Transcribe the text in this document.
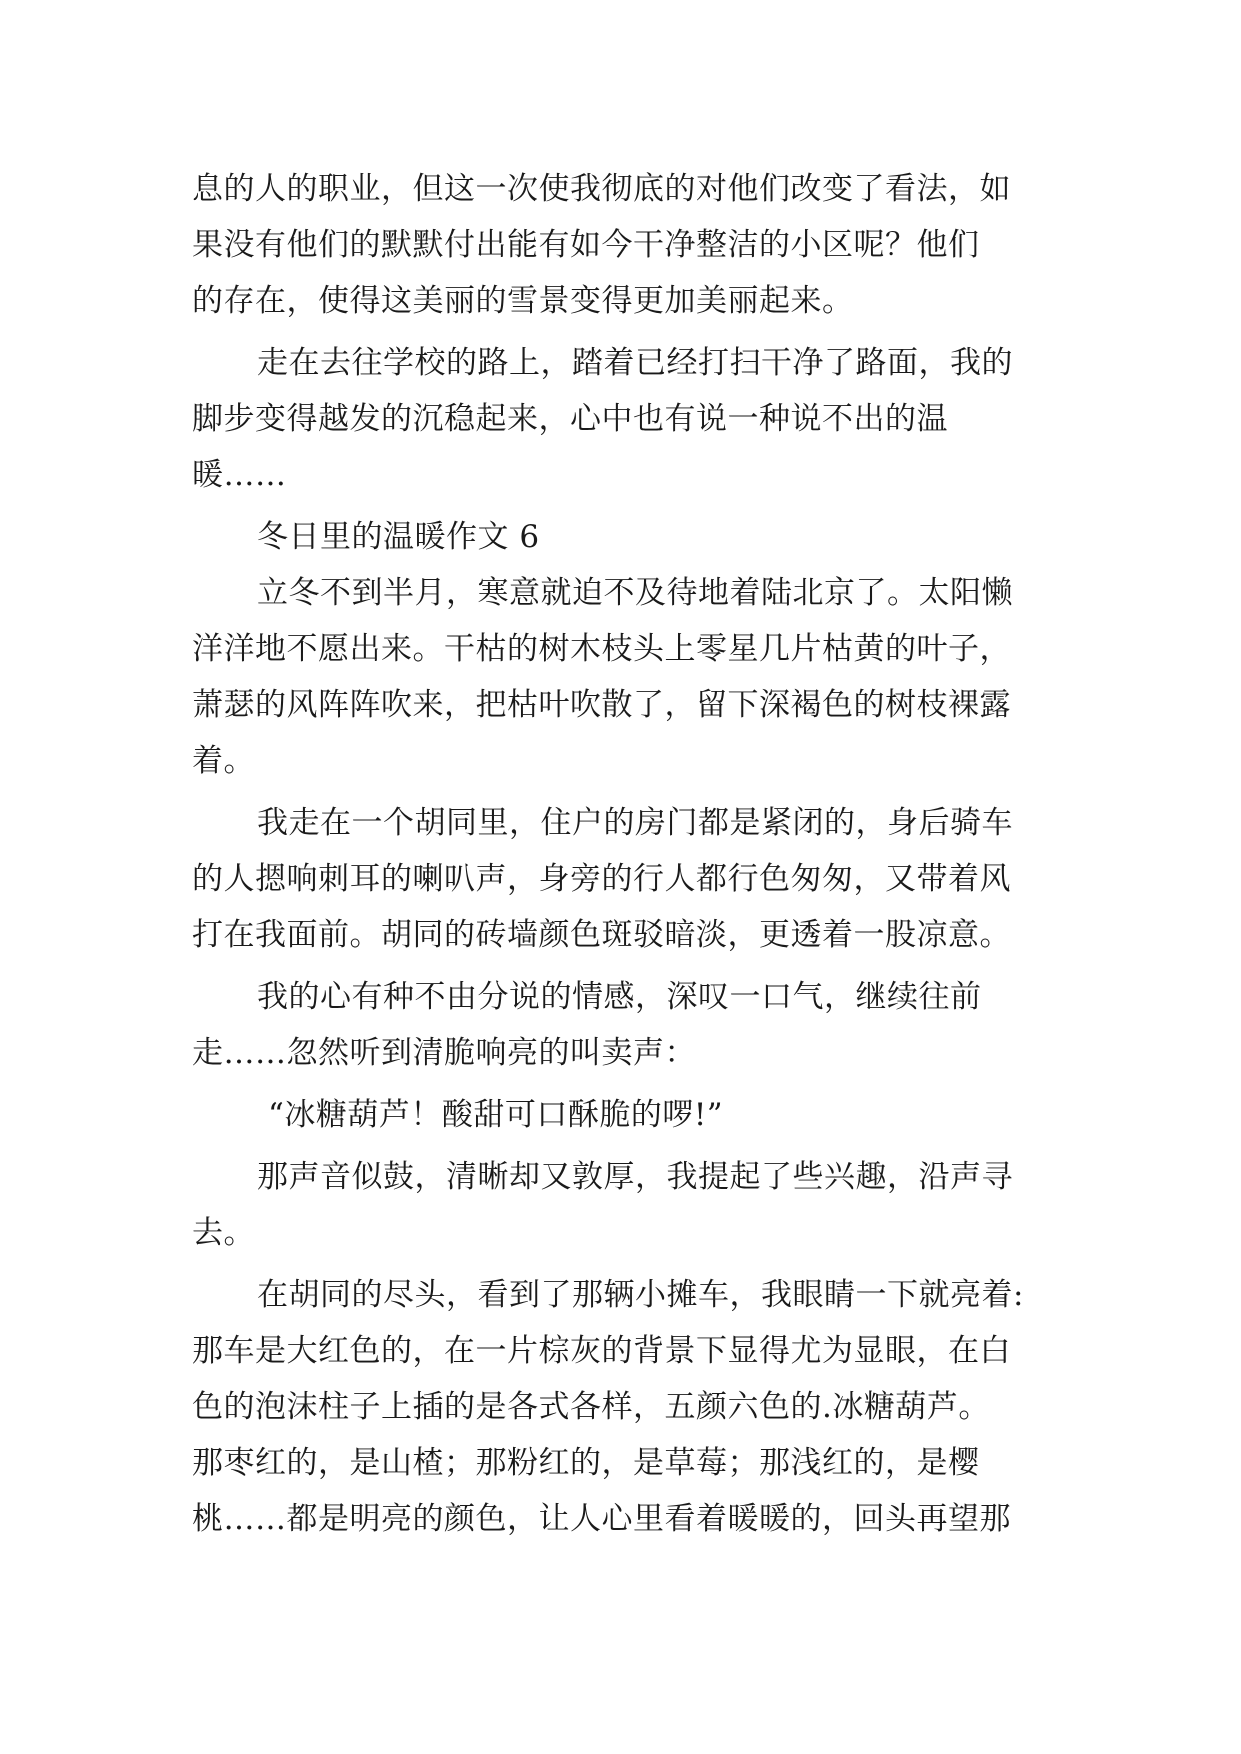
息的人的职业，但这一次使我彻底的对他们改变了看法，如
果没有他们的默默付出能有如今干净整洁的小区呢？他们
的存在，使得这美丽的雪景变得更加美丽起来。
走在去往学校的路上，踏着已经打扫干净了路面，我的
脚步变得越发的沉稳起来，心中也有说一种说不出的温
暖……
冬日里的温暖作文 6
立冬不到半月，寒意就迫不及待地着陆北京了。太阳懒
洋洋地不愿出来。干枯的树木枝头上零星几片枯黄的叶子，
萧瑟的风阵阵吹来，把枯叶吹散了，留下深褐色的树枝裸露
着。
我走在一个胡同里，住户的房门都是紧闭的，身后骑车
的人摁响刺耳的喇叭声，身旁的行人都行色匆匆，又带着风
打在我面前。胡同的砖墙颜色斑驳暗淡，更透着一股凉意。
我的心有种不由分说的情感，深叹一口气，继续往前
走……忽然听到清脆响亮的叫卖声：
“冰糖葫芦！酸甜可口酥脆的啰!”
那声音似鼓，清晰却又敦厚，我提起了些兴趣，沿声寻
去。
在胡同的尽头，看到了那辆小摊车，我眼睛一下就亮着:
那车是大红色的，在一片棕灰的背景下显得尤为显眼，在白
色的泡沫柱子上插的是各式各样，五颜六色的.冰糖葫芦。
那枣红的，是山楂；那粉红的，是草莓；那浅红的，是樱
桃……都是明亮的颜色，让人心里看着暖暖的，回头再望那
